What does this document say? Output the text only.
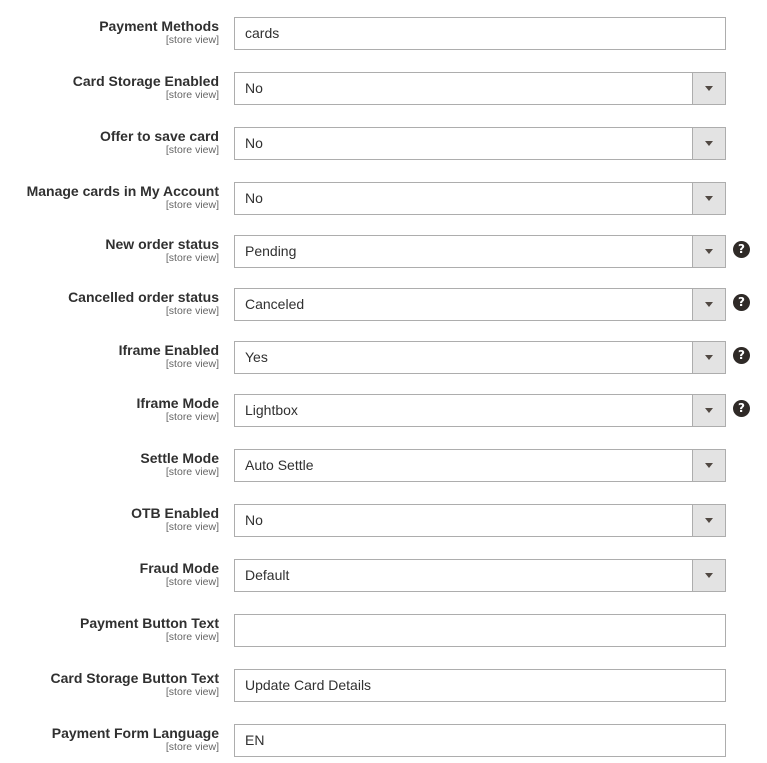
Payment Methods
[store view] cards
Card Storage Enabled
[store view] No
Offer to save card
[store view] No
Manage cards in My Account
[store view] No
New order status
[store view] Pending	?
Cancelled order status
[store view] Canceled	?
Iframe Enabled
[store view] Yes	?
Iframe Mode
[store view] Lightbox	?
Settle Mode
[store view] Auto Settle
OTB Enabled
[store view] No
Fraud Mode
[store view] Default
Payment Button Text
[store view]
Card Storage Button Text
[store view] Update Card Details
Payment Form Language
[store view] EN
